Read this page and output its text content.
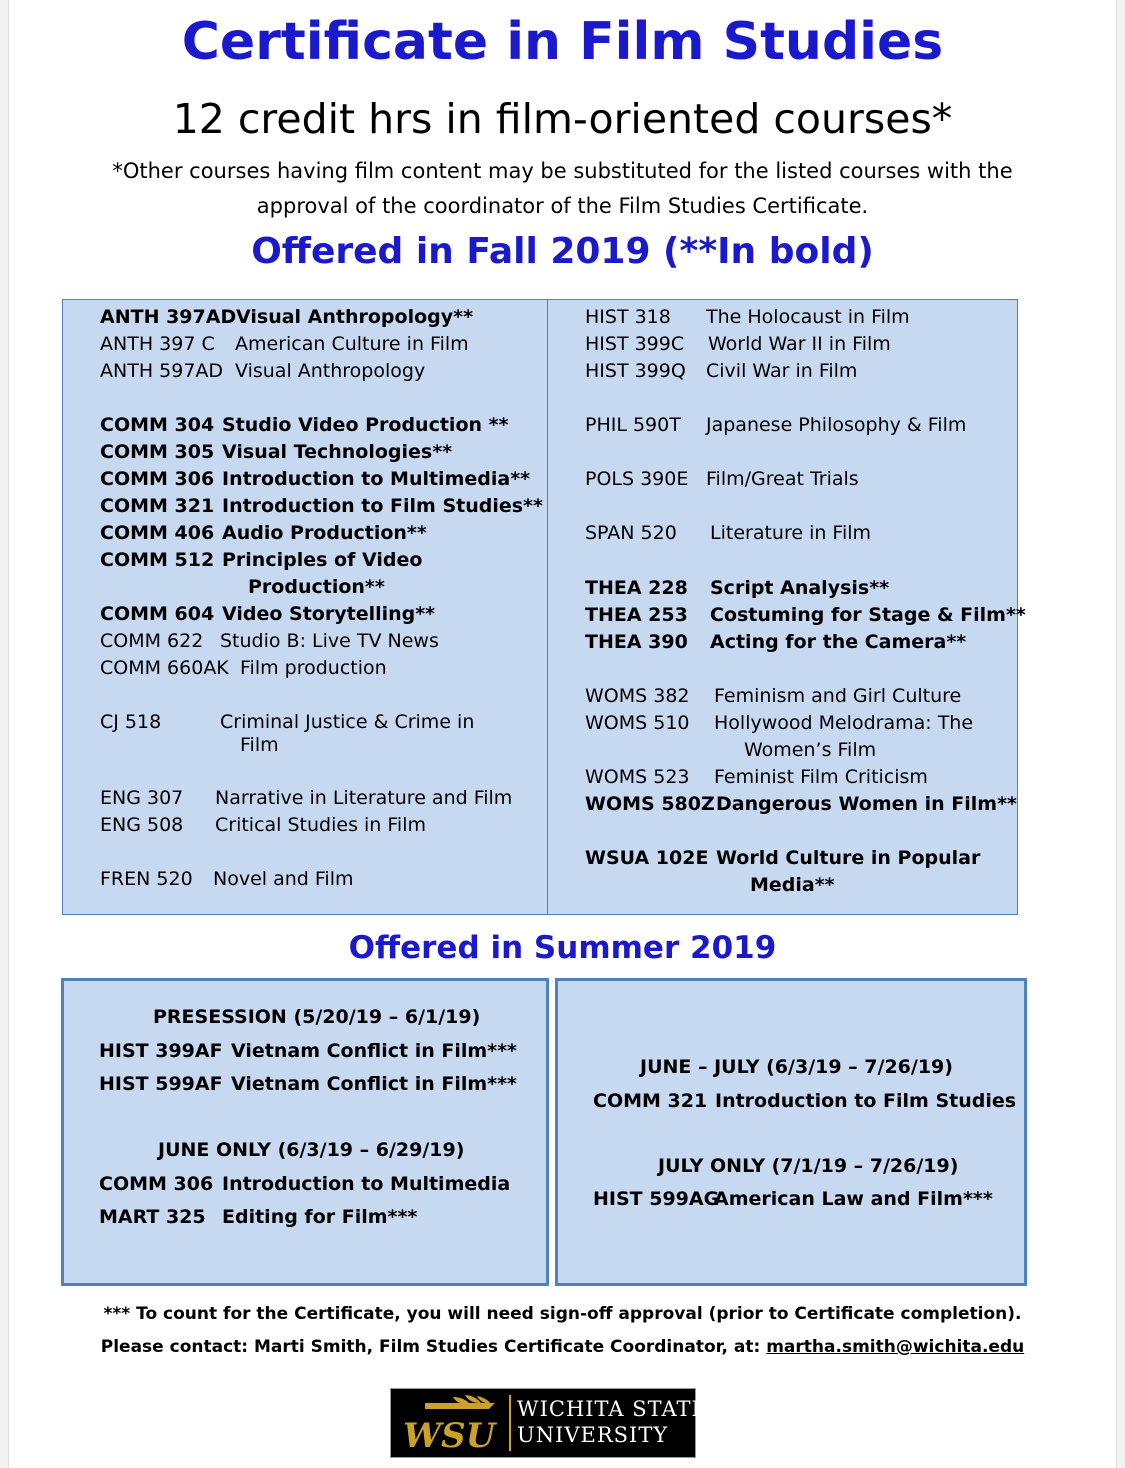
Certificate in Film Studies
12 credit hrs in film-oriented courses*
*Other courses having film content may be substituted for the listed courses with the
approval of the coordinator of the Film Studies Certificate.
Offered in Fall 2019 (**In bold)
ANTH 397AD Visual Anthropology**
ANTH 397 C American Culture in Film
ANTH 597AD Visual Anthropology
COMM 304 Studio Video Production **
COMM 305 Visual Technologies**
COMM 306 Introduction to Multimedia**
COMM 321 Introduction to Film Studies**
COMM 406 Audio Production**
COMM 512 Principles of Video
Production**
COMM 604 Video Storytelling**
COMM 622 Studio B: Live TV News
COMM 660AK Film production
CJ 518	Criminal Justice & Crime in
Film
ENG 307 Narrative in Literature and Film
ENG 508 Critical Studies in Film
FREN 520 Novel and Film
HIST 318 The Holocaust in Film
HIST 399C World War II in Film
HIST 399Q Civil War in Film
PHIL 590T Japanese Philosophy & Film
POLS 390E Film/Great Trials
SPAN 520 Literature in Film
THEA 228 Script Analysis**
THEA 253 Costuming for Stage & Film**
THEA 390 Acting for the Camera**
WOMS 382 Feminism and Girl Culture
WOMS 510 Hollywood Melodrama: The
Women’s Film
WOMS 523 Feminist Film Criticism
WOMS 580Z Dangerous Women in Film**
WSUA 102E World Culture in Popular
Media**
Offered in Summer 2019
PRESESSION (5/20/19 – 6/1/19)
HIST 399AF Vietnam Conflict in Film***
HIST 599AF Vietnam Conflict in Film***
JUNE ONLY (6/3/19 – 6/29/19)
COMM 306 Introduction to Multimedia
MART 325 Editing for Film***
JUNE – JULY (6/3/19 – 7/26/19)
COMM 321 Introduction to Film Studies
JULY ONLY (7/1/19 – 7/26/19)
HIST 599AG
American Law and Film***
*** To count for the Certificate, you will need sign-off approval (prior to Certificate completion).
Please contact: Marti Smith, Film Studies Certificate Coordinator, at: martha.smith@wichita.edu
WSU
WICHITA STATE
UNIVERSITY
